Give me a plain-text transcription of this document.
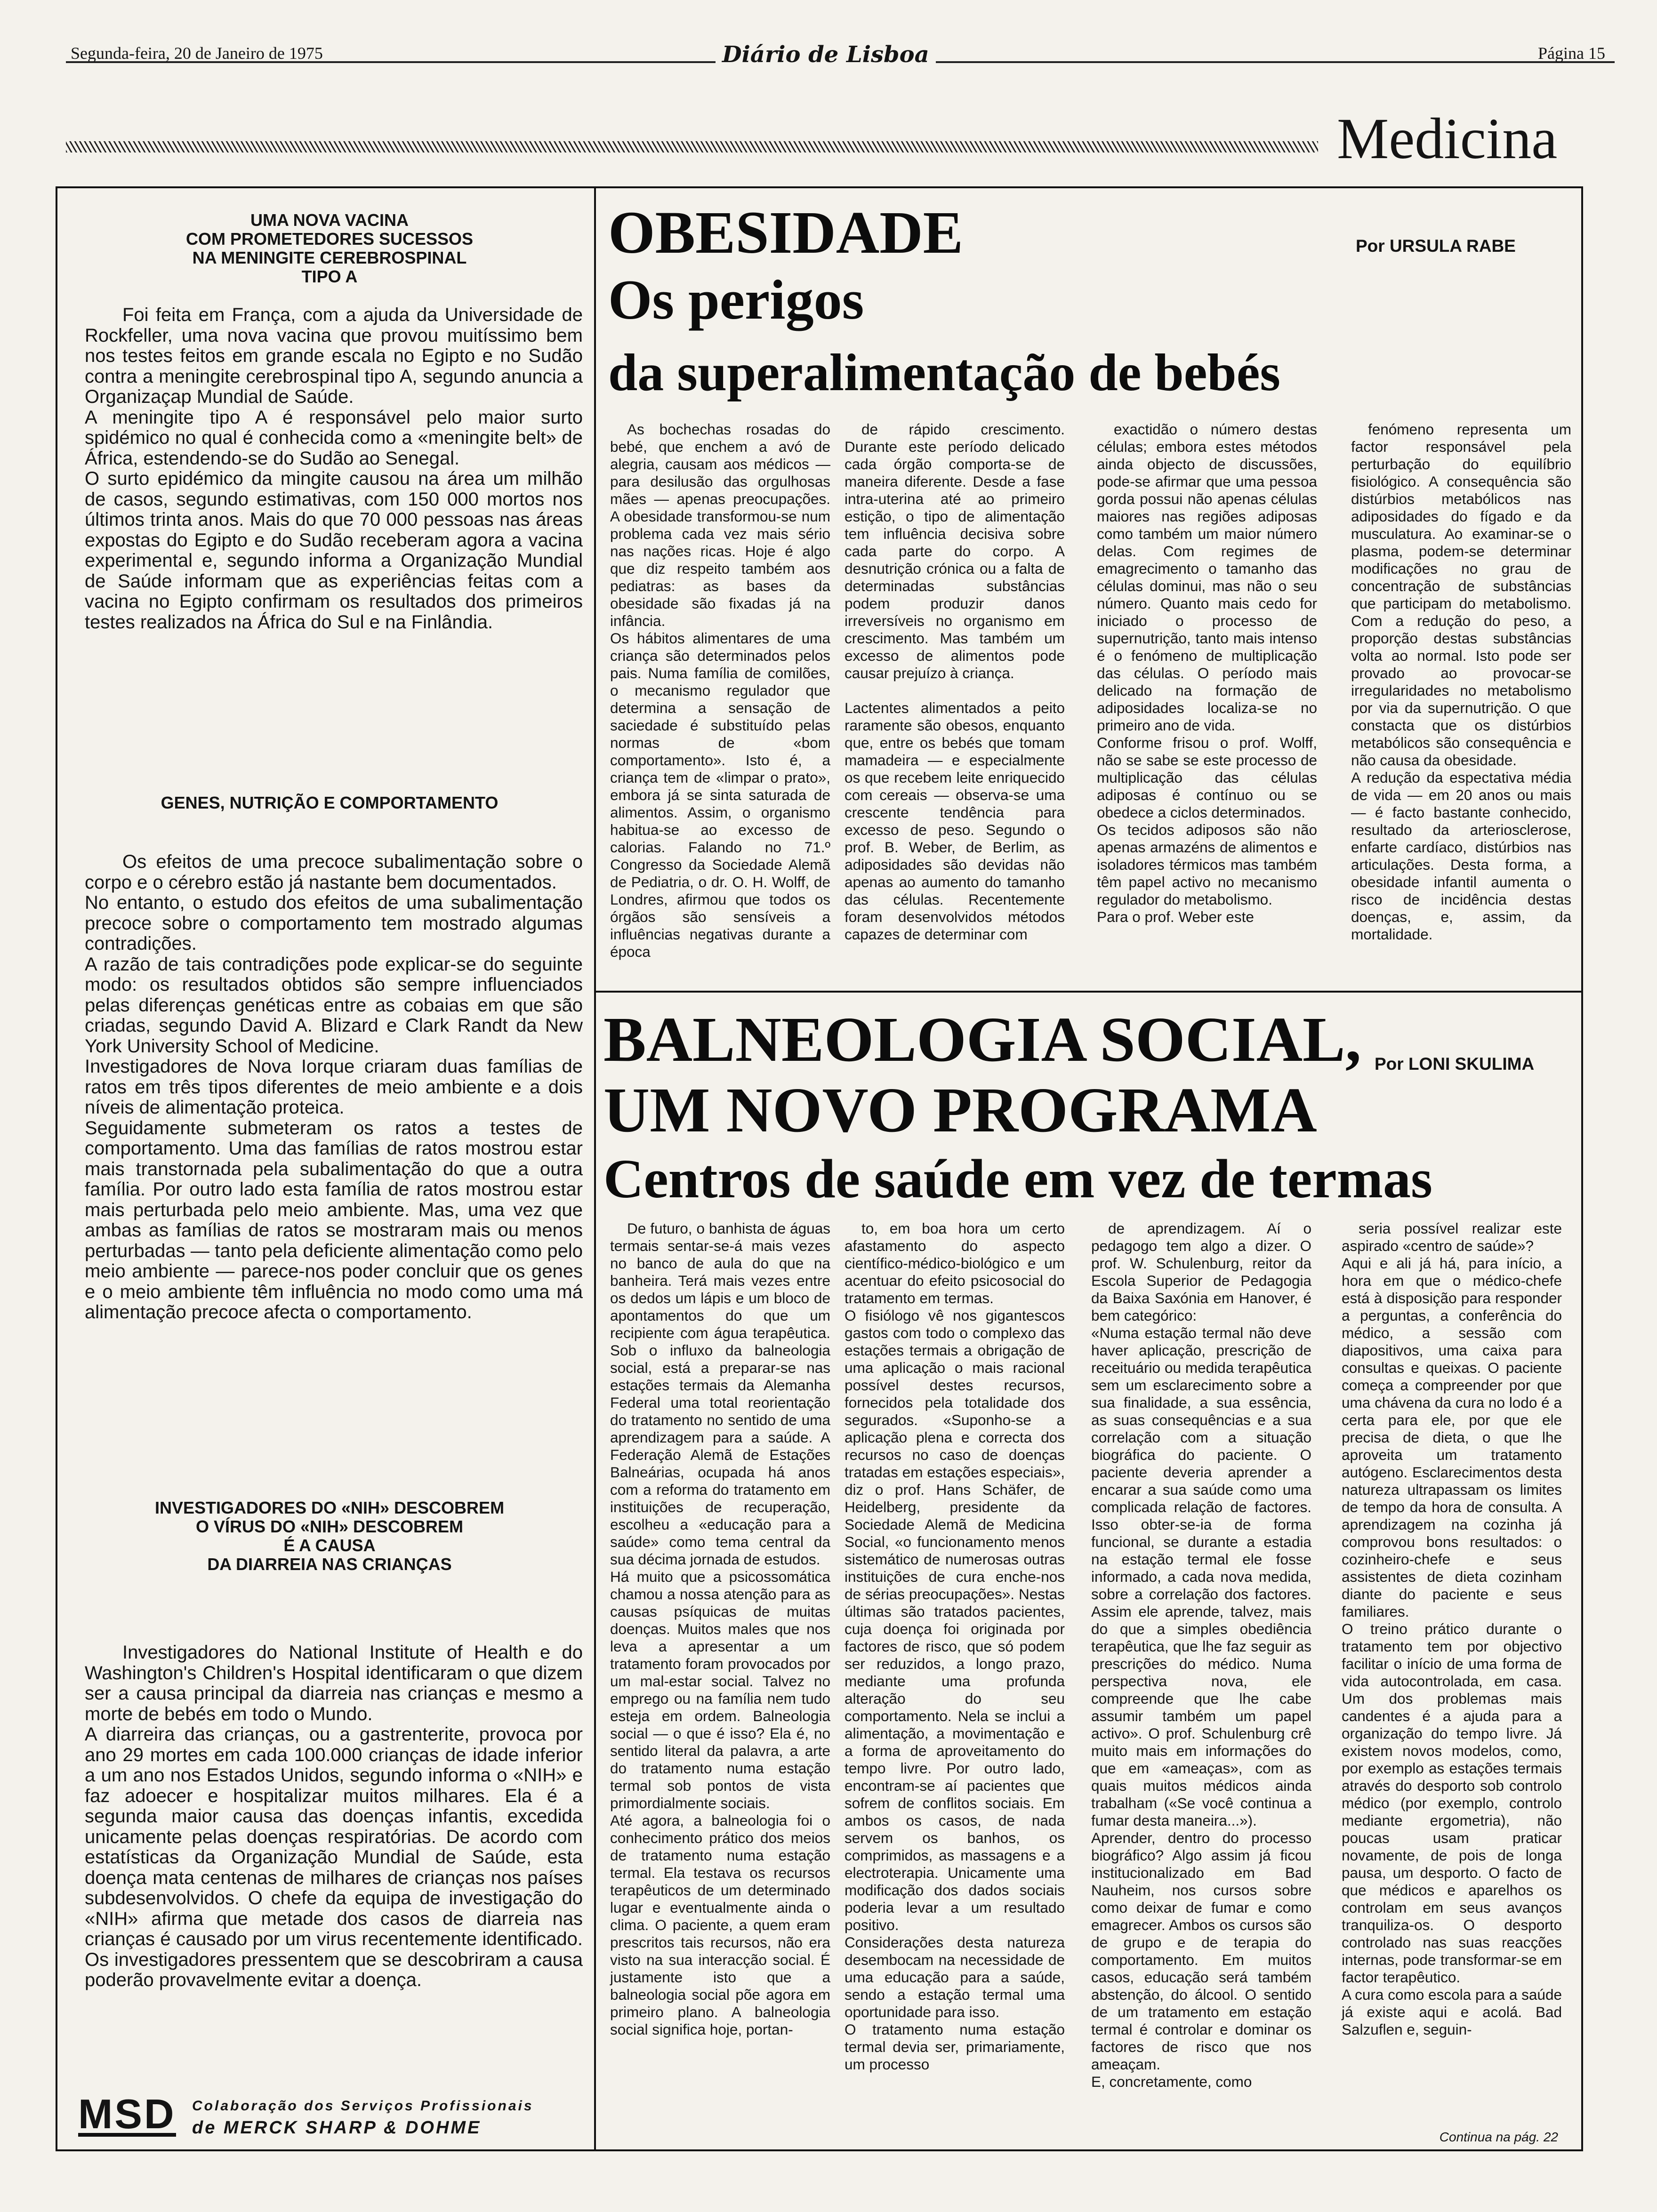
Segunda-feira, 20 de Janeiro de 1975	Diário de Lisboa	Página 15
Medicina

UMA NOVA VACINA
COM PROMETEDORES SUCESSOS
NA MENINGITE CEREBROSPINAL
TIPO A

Foi feita em França, com a ajuda da Universidade de Rockfeller, uma nova vacina que provou muitíssimo bem nos testes feitos em grande escala no Egipto e no Sudão contra a meningite cerebrospinal tipo A, segundo anuncia a Organizaçap Mundial de Saúde.
A meningite tipo A é responsável pelo maior surto spidémico no qual é conhecida como a «meningite belt» de África, estendendo-se do Sudão ao Senegal.
O surto epidémico da mingite causou na área um milhão de casos, segundo estimativas, com 150 000 mortos nos últimos trinta anos. Mais do que 70 000 pessoas nas áreas expostas do Egipto e do Sudão receberam agora a vacina experimental e, segundo informa a Organização Mundial de Saúde informam que as experiências feitas com a vacina no Egipto confirmam os resultados dos primeiros testes realizados na África do Sul e na Finlândia.

GENES, NUTRIÇÃO E COMPORTAMENTO

Os efeitos de uma precoce subalimentação sobre o corpo e o cérebro estão já nastante bem documentados.
No entanto, o estudo dos efeitos de uma subalimentação precoce sobre o comportamento tem mostrado algumas contradições.
A razão de tais contradições pode explicar-se do seguinte modo: os resultados obtidos são sempre influenciados pelas diferenças genéticas entre as cobaias em que são criadas, segundo David A. Blizard e Clark Randt da New York University School of Medicine.
Investigadores de Nova Iorque criaram duas famílias de ratos em três tipos diferentes de meio ambiente e a dois níveis de alimentação proteica.
Seguidamente submeteram os ratos a testes de comportamento. Uma das famílias de ratos mostrou estar mais transtornada pela subalimentação do que a outra família. Por outro lado esta família de ratos mostrou estar mais perturbada pelo meio ambiente. Mas, uma vez que ambas as famílias de ratos se mostraram mais ou menos perturbadas — tanto pela deficiente alimentação como pelo meio ambiente — parece-nos poder concluir que os genes e o meio ambiente têm influência no modo como uma má alimentação precoce afecta o comportamento.

INVESTIGADORES DO «NIH» DESCOBREM
O VÍRUS DO «NIH» DESCOBREM
É A CAUSA
DA DIARREIA NAS CRIANÇAS

Investigadores do National Institute of Health e do Washington's Children's Hospital identificaram o que dizem ser a causa principal da diarreia nas crianças e mesmo a morte de bebés em todo o Mundo.
A diarreira das crianças, ou a gastrenterite, provoca por ano 29 mortes em cada 100.000 crianças de idade inferior a um ano nos Estados Unidos, segundo informa o «NIH» e faz adoecer e hospitalizar muitos milhares. Ela é a segunda maior causa das doenças infantis, excedida unicamente pelas doenças respiratórias. De acordo com estatísticas da Organização Mundial de Saúde, esta doença mata centenas de milhares de crianças nos países subdesenvolvidos. O chefe da equipa de investigação do «NIH» afirma que metade dos casos de diarreia nas crianças é causado por um virus recentemente identificado. Os investigadores pressentem que se descobriram a causa poderão provavelmente evitar a doença.

MSD Colaboração dos Serviços Profissionais
de MERCK SHARP & DOHME
OBESIDADE
Os perigos
da superalimentação de bebés
Por URSULA RABE

As bochechas rosadas do bebé, que enchem a avó de alegria, causam aos médicos — para desilusão das orgulhosas mães — apenas preocupações. A obesidade transformou-se num problema cada vez mais sério nas nações ricas. Hoje é algo que diz respeito também aos pediatras: as bases da obesidade são fixadas já na infância.
Os hábitos alimentares de uma criança são determinados pelos pais. Numa família de comilões, o mecanismo regulador que determina a sensação de saciedade é substituído pelas normas de «bom comportamento». Isto é, a criança tem de «limpar o prato», embora já se sinta saturada de alimentos. Assim, o organismo habitua-se ao excesso de calorias. Falando no 71.º Congresso da Sociedade Alemã de Pediatria, o dr. O. H. Wolff, de Londres, afirmou que todos os órgãos são sensíveis a influências negativas durante a época

de rápido crescimento. Durante este período delicado cada órgão comporta-se de maneira diferente. Desde a fase intra-uterina até ao primeiro estição, o tipo de alimentação tem influência decisiva sobre cada parte do corpo. A desnutrição crónica ou a falta de determinadas substâncias podem produzir danos irreversíveis no organismo em crescimento. Mas também um excesso de alimentos pode causar prejuízo à criança.

Lactentes alimentados a peito raramente são obesos, enquanto que, entre os bebés que tomam mamadeira — e especialmente os que recebem leite enriquecido com cereais — observa-se uma crescente tendência para excesso de peso. Segundo o prof. B. Weber, de Berlim, as adiposidades são devidas não apenas ao aumento do tamanho das células. Recentemente foram desenvolvidos métodos capazes de determinar com

exactidão o número destas células; embora estes métodos ainda objecto de discussões, pode-se afirmar que uma pessoa gorda possui não apenas células maiores nas regiões adiposas como também um maior número delas. Com regimes de emagrecimento o tamanho das células dominui, mas não o seu número. Quanto mais cedo for iniciado o processo de supernutrição, tanto mais intenso é o fenómeno de multiplicação das células. O período mais delicado na formação de adiposidades localiza-se no primeiro ano de vida.
Conforme frisou o prof. Wolff, não se sabe se este processo de multiplicação das células adiposas é contínuo ou se obedece a ciclos determinados.
Os tecidos adiposos são não apenas armazéns de alimentos e isoladores térmicos mas também têm papel activo no mecanismo regulador do metabolismo.
Para o prof. Weber este

fenómeno representa um factor responsável pela perturbação do equilíbrio fisiológico. A consequência são distúrbios metabólicos nas adiposidades do fígado e da musculatura. Ao examinar-se o plasma, podem-se determinar modificações no grau de concentração de substâncias que participam do metabolismo. Com a redução do peso, a proporção destas substâncias volta ao normal. Isto pode ser provado ao provocar-se irregularidades no metabolismo por via da supernutrição. O que constacta que os distúrbios metabólicos são consequência e não causa da obesidade.
A redução da espectativa média de vida — em 20 anos ou mais — é facto bastante conhecido, resultado da arteriosclerose, enfarte cardíaco, distúrbios nas articulações. Desta forma, a obesidade infantil aumenta o risco de incidência destas doenças, e, assim, da mortalidade.

BALNEOLOGIA SOCIAL,
UM NOVO PROGRAMA
Centros de saúde em vez de termas
Por LONI SKULIMA

De futuro, o banhista de águas termais sentar-se-á mais vezes no banco de aula do que na banheira. Terá mais vezes entre os dedos um lápis e um bloco de apontamentos do que um recipiente com água terapêutica. Sob o influxo da balneologia social, está a preparar-se nas estações termais da Alemanha Federal uma total reorientação do tratamento no sentido de uma aprendizagem para a saúde. A Federação Alemã de Estações Balneárias, ocupada há anos com a reforma do tratamento em instituições de recuperação, escolheu a «educação para a saúde» como tema central da sua décima jornada de estudos.
Há muito que a psicossomática chamou a nossa atenção para as causas psíquicas de muitas doenças. Muitos males que nos leva a apresentar a um tratamento foram provocados por um mal-estar social. Talvez no emprego ou na família nem tudo esteja em ordem. Balneologia social — o que é isso? Ela é, no sentido literal da palavra, a arte do tratamento numa estação termal sob pontos de vista primordialmente sociais.
Até agora, a balneologia foi o conhecimento prático dos meios de tratamento numa estação termal. Ela testava os recursos terapêuticos de um determinado lugar e eventualmente ainda o clima. O paciente, a quem eram prescritos tais recursos, não era visto na sua interacção social. É justamente isto que a balneologia social põe agora em primeiro plano. A balneologia social significa hoje, portan-

to, em boa hora um certo afastamento do aspecto científico-médico-biológico e um acentuar do efeito psicosocial do tratamento em termas.
O fisiólogo vê nos gigantescos gastos com todo o complexo das estações termais a obrigação de uma aplicação o mais racional possível destes recursos, fornecidos pela totalidade dos segurados. «Suponho-se a aplicação plena e correcta dos recursos no caso de doenças tratadas em estações especiais», diz o prof. Hans Schäfer, de Heidelberg, presidente da Sociedade Alemã de Medicina Social, «o funcionamento menos sistemático de numerosas outras instituições de cura enche-nos de sérias preocupações». Nestas últimas são tratados pacientes, cuja doença foi originada por factores de risco, que só podem ser reduzidos, a longo prazo, mediante uma profunda alteração do seu comportamento. Nela se inclui a alimentação, a movimentação e a forma de aproveitamento do tempo livre. Por outro lado, encontram-se aí pacientes que sofrem de conflitos sociais. Em ambos os casos, de nada servem os banhos, os comprimidos, as massagens e a electroterapia. Unicamente uma modificação dos dados sociais poderia levar a um resultado positivo.
Considerações desta natureza desembocam na necessidade de uma educação para a saúde, sendo a estação termal uma oportunidade para isso.
O tratamento numa estação termal devia ser, primariamente, um processo

de aprendizagem. Aí o pedagogo tem algo a dizer. O prof. W. Schulenburg, reitor da Escola Superior de Pedagogia da Baixa Saxónia em Hanover, é bem categórico:
«Numa estação termal não deve haver aplicação, prescrição de receituário ou medida terapêutica sem um esclarecimento sobre a sua finalidade, a sua essência, as suas consequências e a sua correlação com a situação biográfica do paciente. O paciente deveria aprender a encarar a sua saúde como uma complicada relação de factores. Isso obter-se-ia de forma funcional, se durante a estadia na estação termal ele fosse informado, a cada nova medida, sobre a correlação dos factores. Assim ele aprende, talvez, mais do que a simples obediência terapêutica, que lhe faz seguir as prescrições do médico. Numa perspectiva nova, ele compreende que lhe cabe assumir também um papel activo». O prof. Schulenburg crê muito mais em informações do que em «ameaças», com as quais muitos médicos ainda trabalham («Se você continua a fumar desta maneira...»).
Aprender, dentro do processo biográfico? Algo assim já ficou institucionalizado em Bad Nauheim, nos cursos sobre como deixar de fumar e como emagrecer. Ambos os cursos são de grupo e de terapia do comportamento. Em muitos casos, educação será também abstenção, do álcool. O sentido de um tratamento em estação termal é controlar e dominar os factores de risco que nos ameaçam.
E, concretamente, como

seria possível realizar este aspirado «centro de saúde»?
Aqui e ali já há, para início, a hora em que o médico-chefe está à disposição para responder a perguntas, a conferência do médico, a sessão com diapositivos, uma caixa para consultas e queixas. O paciente começa a compreender por que uma chávena da cura no lodo é a certa para ele, por que ele precisa de dieta, o que lhe aproveita um tratamento autógeno. Esclarecimentos desta natureza ultrapassam os limites de tempo da hora de consulta. A aprendizagem na cozinha já comprovou bons resultados: o cozinheiro-chefe e seus assistentes de dieta cozinham diante do paciente e seus familiares.
O treino prático durante o tratamento tem por objectivo facilitar o início de uma forma de vida autocontrolada, em casa. Um dos problemas mais candentes é a ajuda para a organização do tempo livre. Já existem novos modelos, como, por exemplo as estações termais através do desporto sob controlo médico (por exemplo, controlo mediante ergometria), não poucas usam praticar novamente, de pois de longa pausa, um desporto. O facto de que médicos e aparelhos os controlam em seus avanços tranquiliza-os. O desporto controlado nas suas reacções internas, pode transformar-se em factor terapêutico.
A cura como escola para a saúde já existe aqui e acolá. Bad Salzuflen e, seguin-

Continua na pág. 22
